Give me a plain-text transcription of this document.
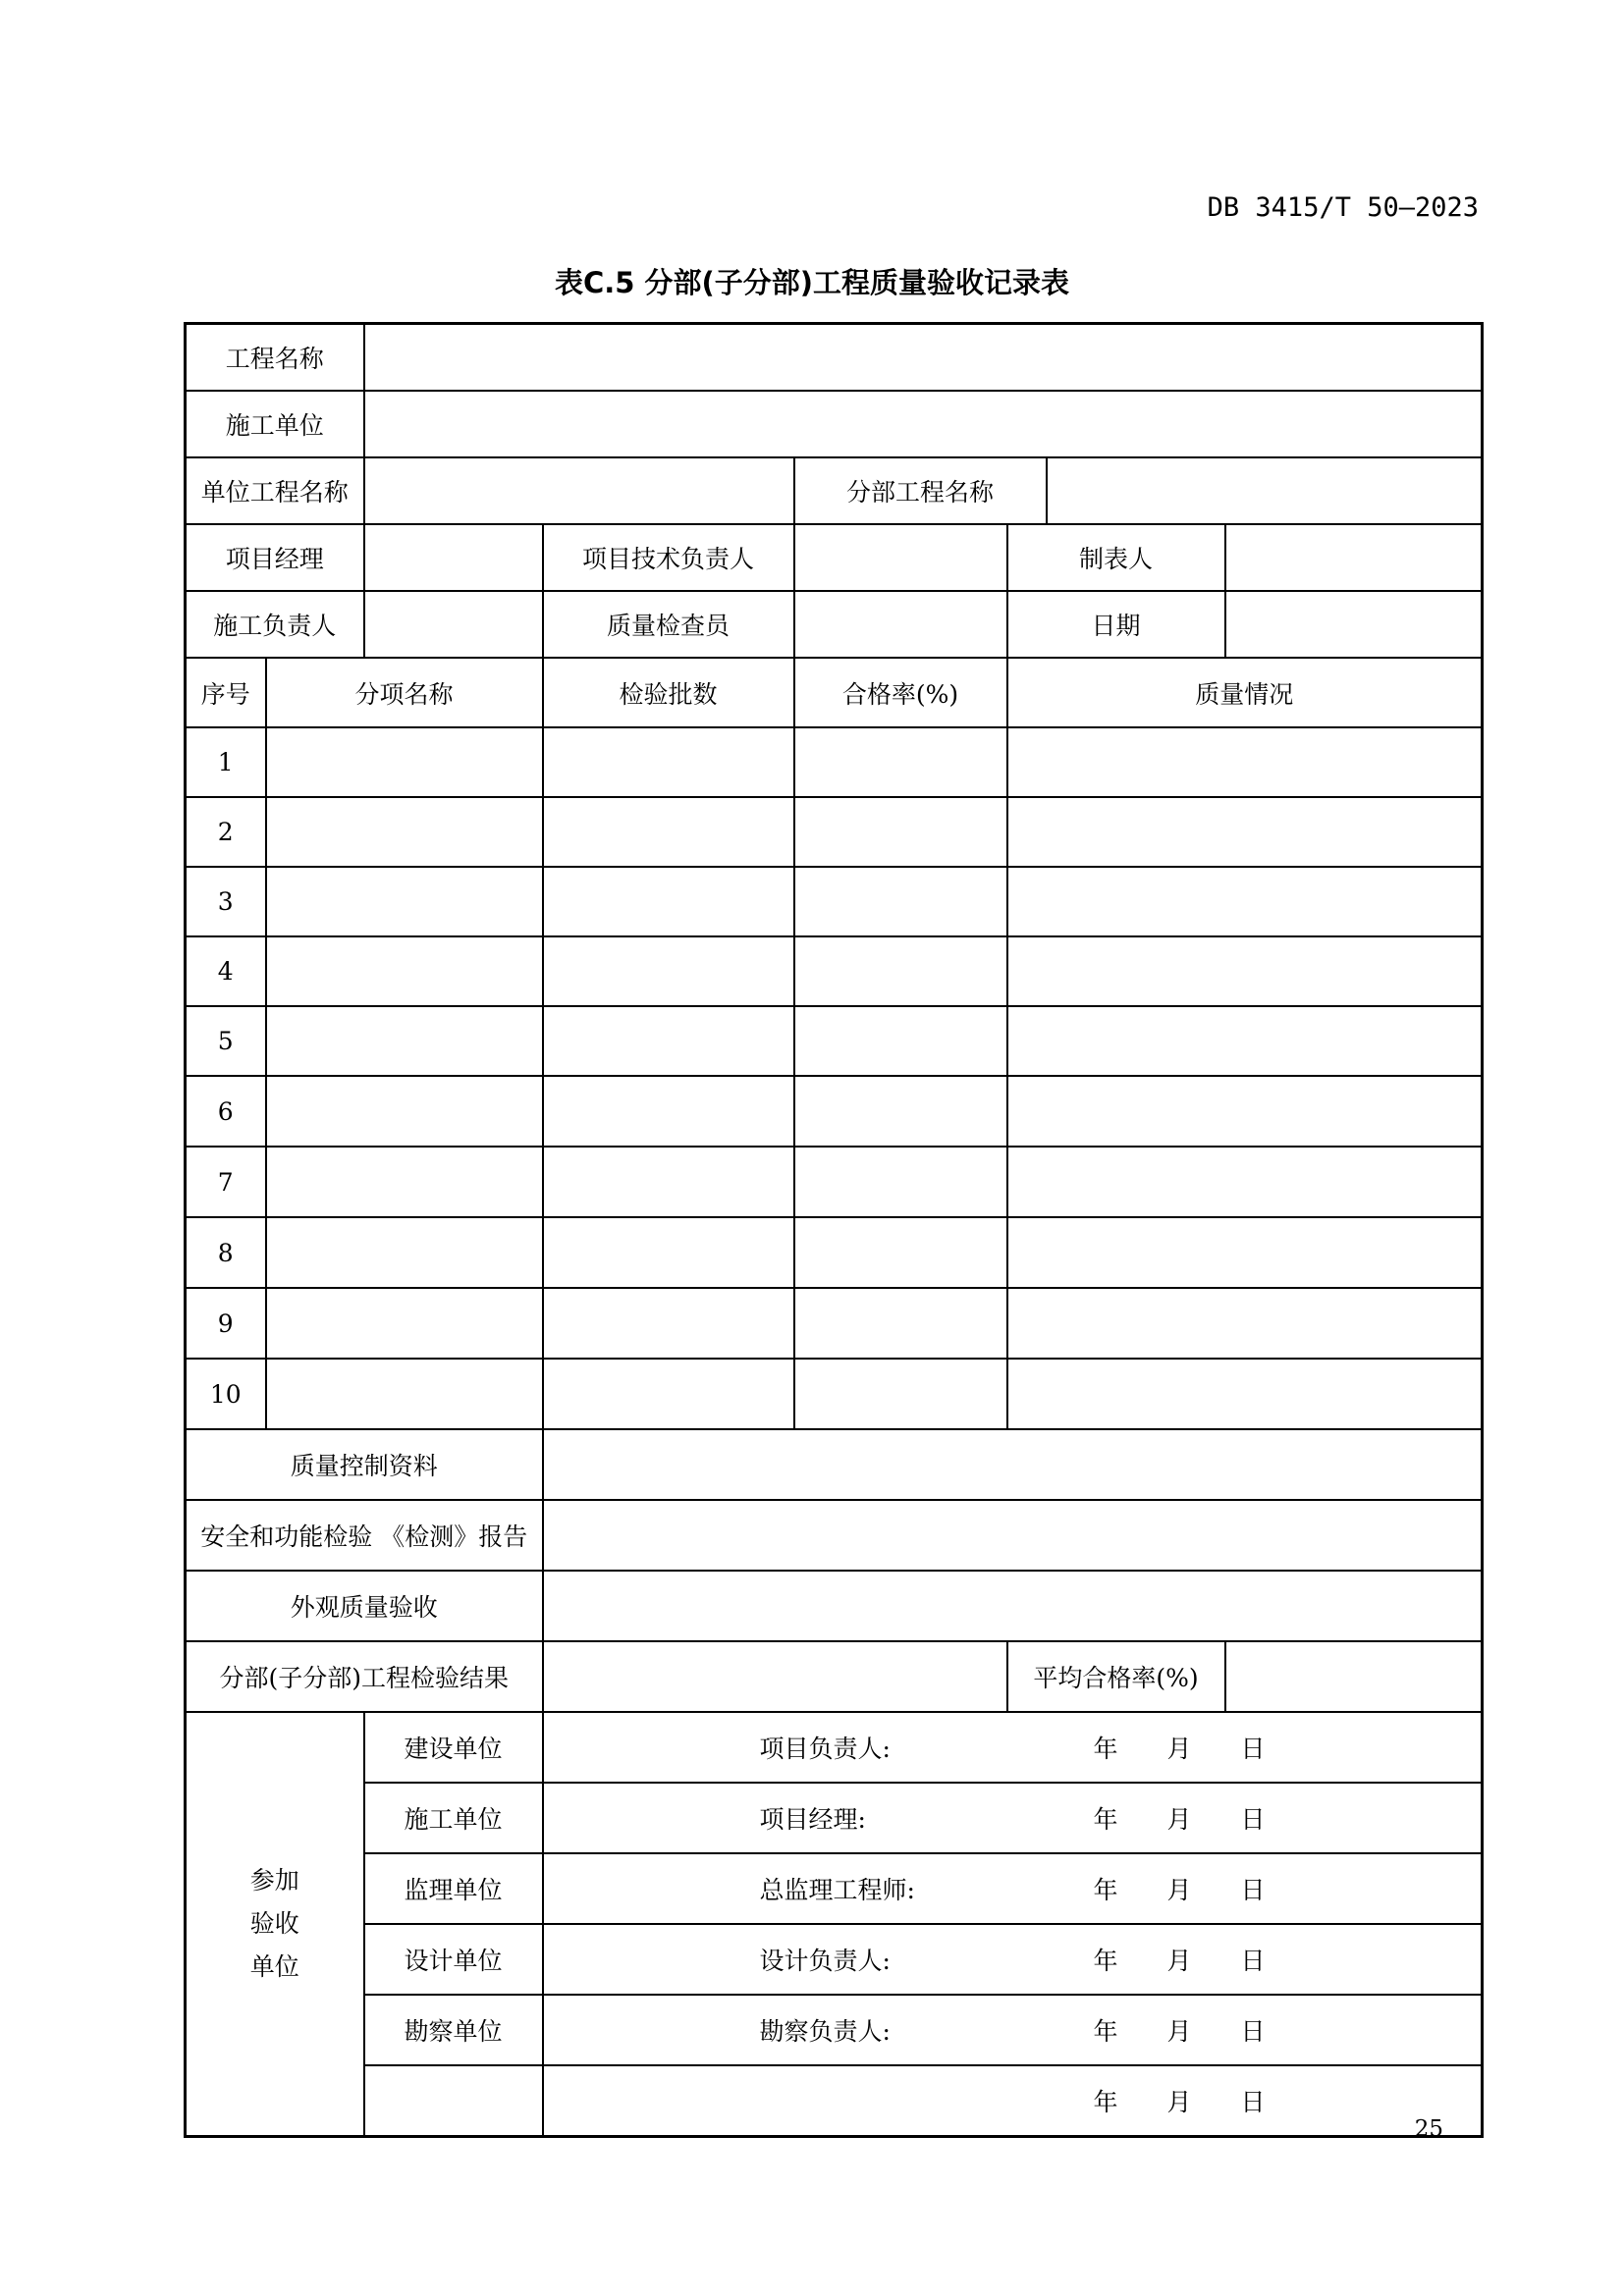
DB 3415/T 50—2023
表C.5 分部(子分部)工程质量验收记录表
工程名称							
施工单位							
单位工程名称				分部工程名称			
项目经理			项目技术负责人		制表人		
施工负责人			质量检查员		日期		
序号	分项名称		检验批数	合格率(%)	质量情况		
1							
2							
3							
4							
5							
6							
7							
8							
9							
10							
质量控制资料							
安全和功能检验 《检测》报告							
外观质量验收							
分部(子分部)工程检验结果					平均合格率(%)		

参加
验收
单位		建设单位	项目负责人: 年 月 日				

		施工单位	项目经理: 年 月 日				

		监理单位	总监理工程师: 年 月 日				

		设计单位	设计负责人: 年 月 日				

		勘察单位	勘察负责人: 年 月 日				

			年 月 日				
25
